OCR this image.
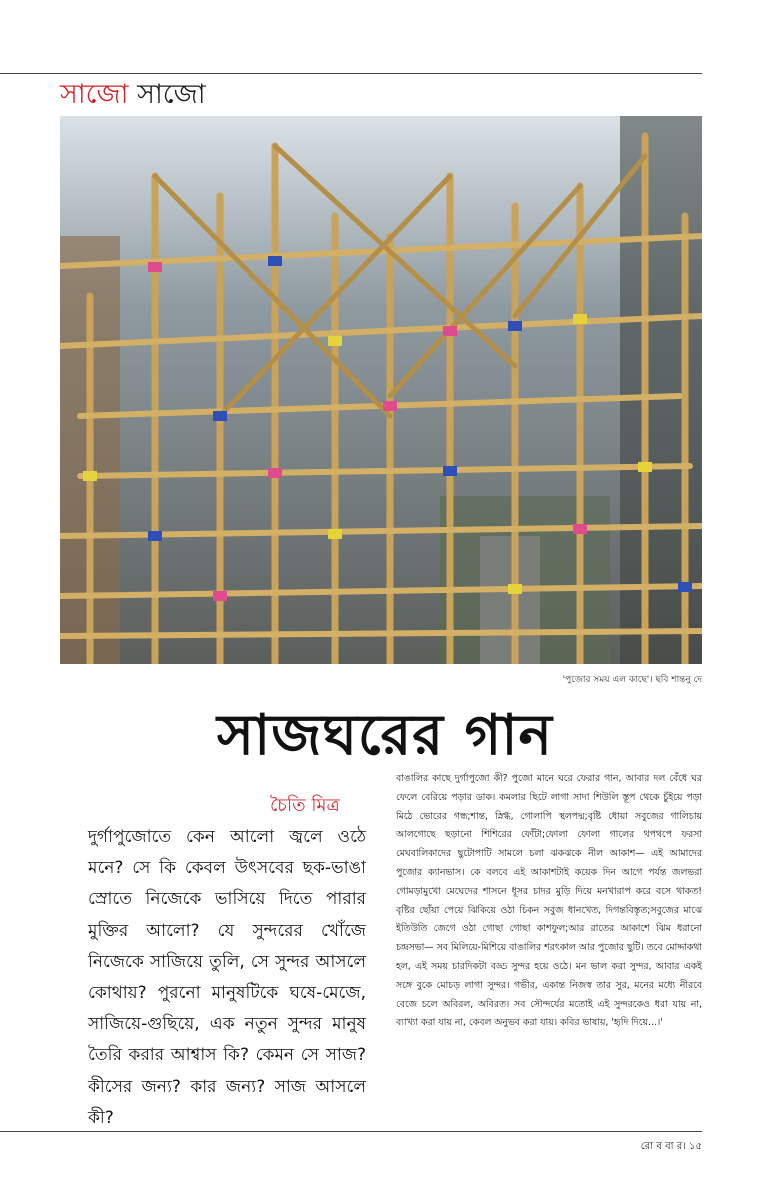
সাজো সাজো
'পুজোর সময় এল কাছে'। ছবি শান্তনু দে
সাজঘরের গান
চৈতি মিত্র
দুর্গাপুজোতে কেন আলো জ্বলে ওঠে মনে? সে কি কেবল উৎসবের ছক-ভাঙা স্রোতে নিজেকে ভাসিয়ে দিতে পারার মুক্তির আলো? যে সুন্দরের খোঁজে নিজেকে সাজিয়ে তুলি, সে সুন্দর আসলে কোথায়? পুরনো মানুষটিকে ঘষে-মেজে, সাজিয়ে-গুছিয়ে, এক নতুন সুন্দর মানুষ তৈরি করার আশ্বাস কি? কেমন সে সাজ? কীসের জন্য? কার জন্য? সাজ আসলে কী?
বাঙালির কাছে দুর্গাপুজো কী? পুজো মানে ঘরে ফেরার গান, আবার দল বেঁধে ঘর ফেলে বেরিয়ে পড়ার ডাক। কমলার ছিটে লাগা সাদা শিউলি স্তূপ থেকে চুঁইয়ে পড়া মিঠে ভোরের গন্ধ;শান্ত, স্নিগ্ধ, গোলাপি স্থলপদ্ম;বৃষ্টি ধোয়া সবুজের গালিচায় আলগোছে ছড়ানো শিশিরের ফোঁটা;ফোলা ফোলা গালের থপথপে ফরসা মেঘবালিকাদের ছুটোপাটি সামলে চলা ঝকঝকে নীল আকাশ— এই আমাদের পুজোর ক্যানভাস। কে বলবে এই আকাশটাই কয়েক দিন আগে পর্যন্ত জলভরা গোমড়ামুখো মেঘেদের শাসনে ধূসর চাদর মুড়ি দিয়ে মনখারাপ করে বসে থাকত! বৃষ্টির ছোঁয়া পেয়ে ঝিকিয়ে ওঠা চিকন সবুজ ধানখেত, দিগন্তবিস্তৃত;সবুজের মাঝে ইতিউতি জেগে ওঠা গোছা গোছা কাশফুল;আর রাতের আকাশে ঝিম ধরানো চন্দ্রসভা— সব মিলিয়ে-মিশিয়ে বাঙালির শরৎকাল আর পুজোর ছুটি। তবে মোদ্দাকথা হল, এই সময় চারদিকটা বড্ড সুন্দর হয়ে ওঠে। মন ভাল করা সুন্দর, আবার একই সঙ্গে বুকে মোচড় লাগা সুন্দর। গভীর, একান্ত নিজস্ব তার সুর, মনের মধ্যে নীরবে বেজে চলে অবিরল, অবিরত। সব সৌন্দর্যের মতোই এই সুন্দরকেও ধরা যায় না, ব্যাখ্যা করা যায় না, কেবল অনুভব করা যায়। কবির ভাষায়, 'হৃদি দিয়ে...।'
রো ব বা র। ১৫
